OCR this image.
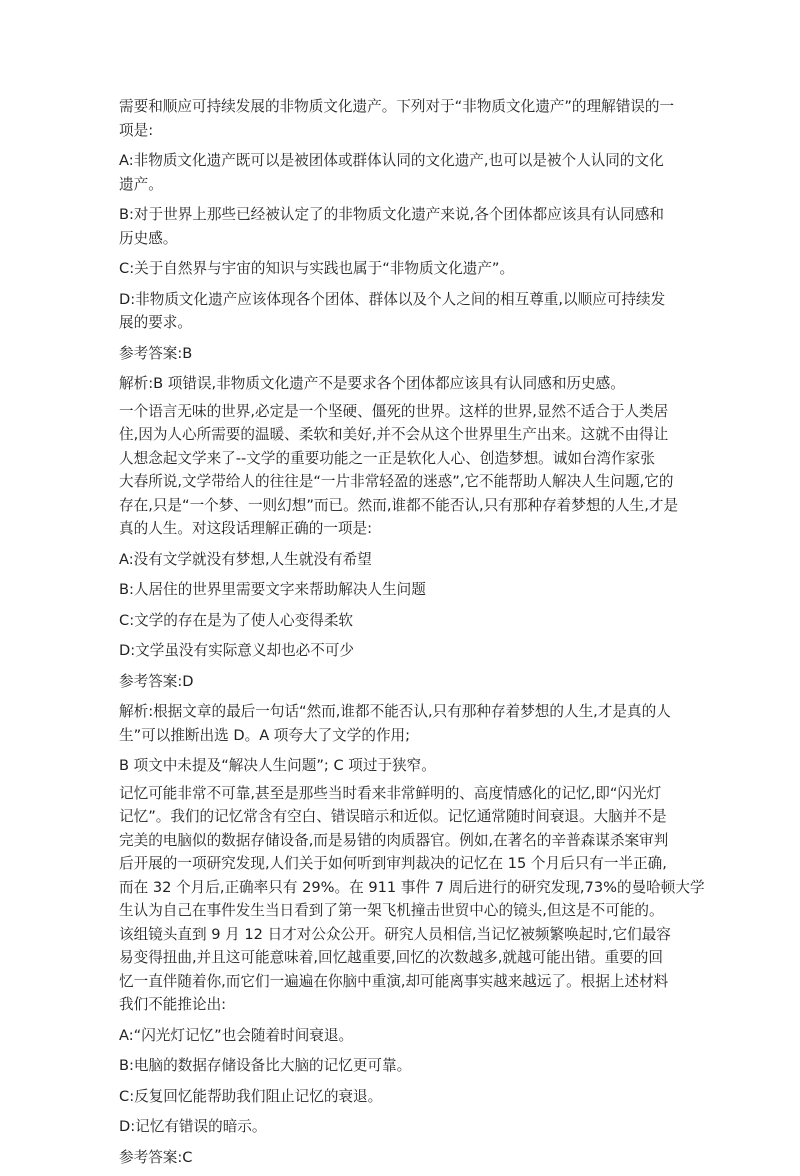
需要和顺应可持续发展的非物质文化遗产。下列对于“非物质文化遗产”的理解错误的一
项是:

A:非物质文化遗产既可以是被团体或群体认同的文化遗产,也可以是被个人认同的文化
遗产。

B:对于世界上那些已经被认定了的非物质文化遗产来说,各个团体都应该具有认同感和
历史感。

C:关于自然界与宇宙的知识与实践也属于“非物质文化遗产”。

D:非物质文化遗产应该体现各个团体、群体以及个人之间的相互尊重,以顺应可持续发
展的要求。

参考答案:B

解析:B 项错误,非物质文化遗产不是要求各个团体都应该具有认同感和历史感。

一个语言无味的世界,必定是一个坚硬、僵死的世界。这样的世界,显然不适合于人类居
住,因为人心所需要的温暖、柔软和美好,并不会从这个世界里生产出来。这就不由得让
人想念起文学来了--文学的重要功能之一正是软化人心、创造梦想。诚如台湾作家张
大春所说,文学带给人的往往是“一片非常轻盈的迷惑”,它不能帮助人解决人生问题,它的
存在,只是“一个梦、一则幻想”而已。然而,谁都不能否认,只有那种存着梦想的人生,才是
真的人生。对这段话理解正确的一项是:

A:没有文学就没有梦想,人生就没有希望

B:人居住的世界里需要文字来帮助解决人生问题

C:文学的存在是为了使人心变得柔软

D:文学虽没有实际意义却也必不可少

参考答案:D

解析:根据文章的最后一句话“然而,谁都不能否认,只有那种存着梦想的人生,才是真的人
生”可以推断出选 D。A 项夸大了文学的作用;

B 项文中未提及“解决人生问题”; C 项过于狭窄。

记忆可能非常不可靠,甚至是那些当时看来非常鲜明的、高度情感化的记忆,即“闪光灯
记忆”。我们的记忆常含有空白、错误暗示和近似。记忆通常随时间衰退。大脑并不是
完美的电脑似的数据存储设备,而是易错的肉质器官。例如,在著名的辛普森谋杀案审判
后开展的一项研究发现,人们关于如何听到审判裁决的记忆在 15 个月后只有一半正确,
而在 32 个月后,正确率只有 29%。在 911 事件 7 周后进行的研究发现,73%的曼哈顿大学
生认为自己在事件发生当日看到了第一架飞机撞击世贸中心的镜头,但这是不可能的。
该组镜头直到 9 月 12 日才对公众公开。研究人员相信,当记忆被频繁唤起时,它们最容
易变得扭曲,并且这可能意味着,回忆越重要,回忆的次数越多,就越可能出错。重要的回
忆一直伴随着你,而它们一遍遍在你脑中重演,却可能离事实越来越远了。根据上述材料
我们不能推论出:

A:“闪光灯记忆”也会随着时间衰退。

B:电脑的数据存储设备比大脑的记忆更可靠。

C:反复回忆能帮助我们阻止记忆的衰退。

D:记忆有错误的暗示。

参考答案:C
